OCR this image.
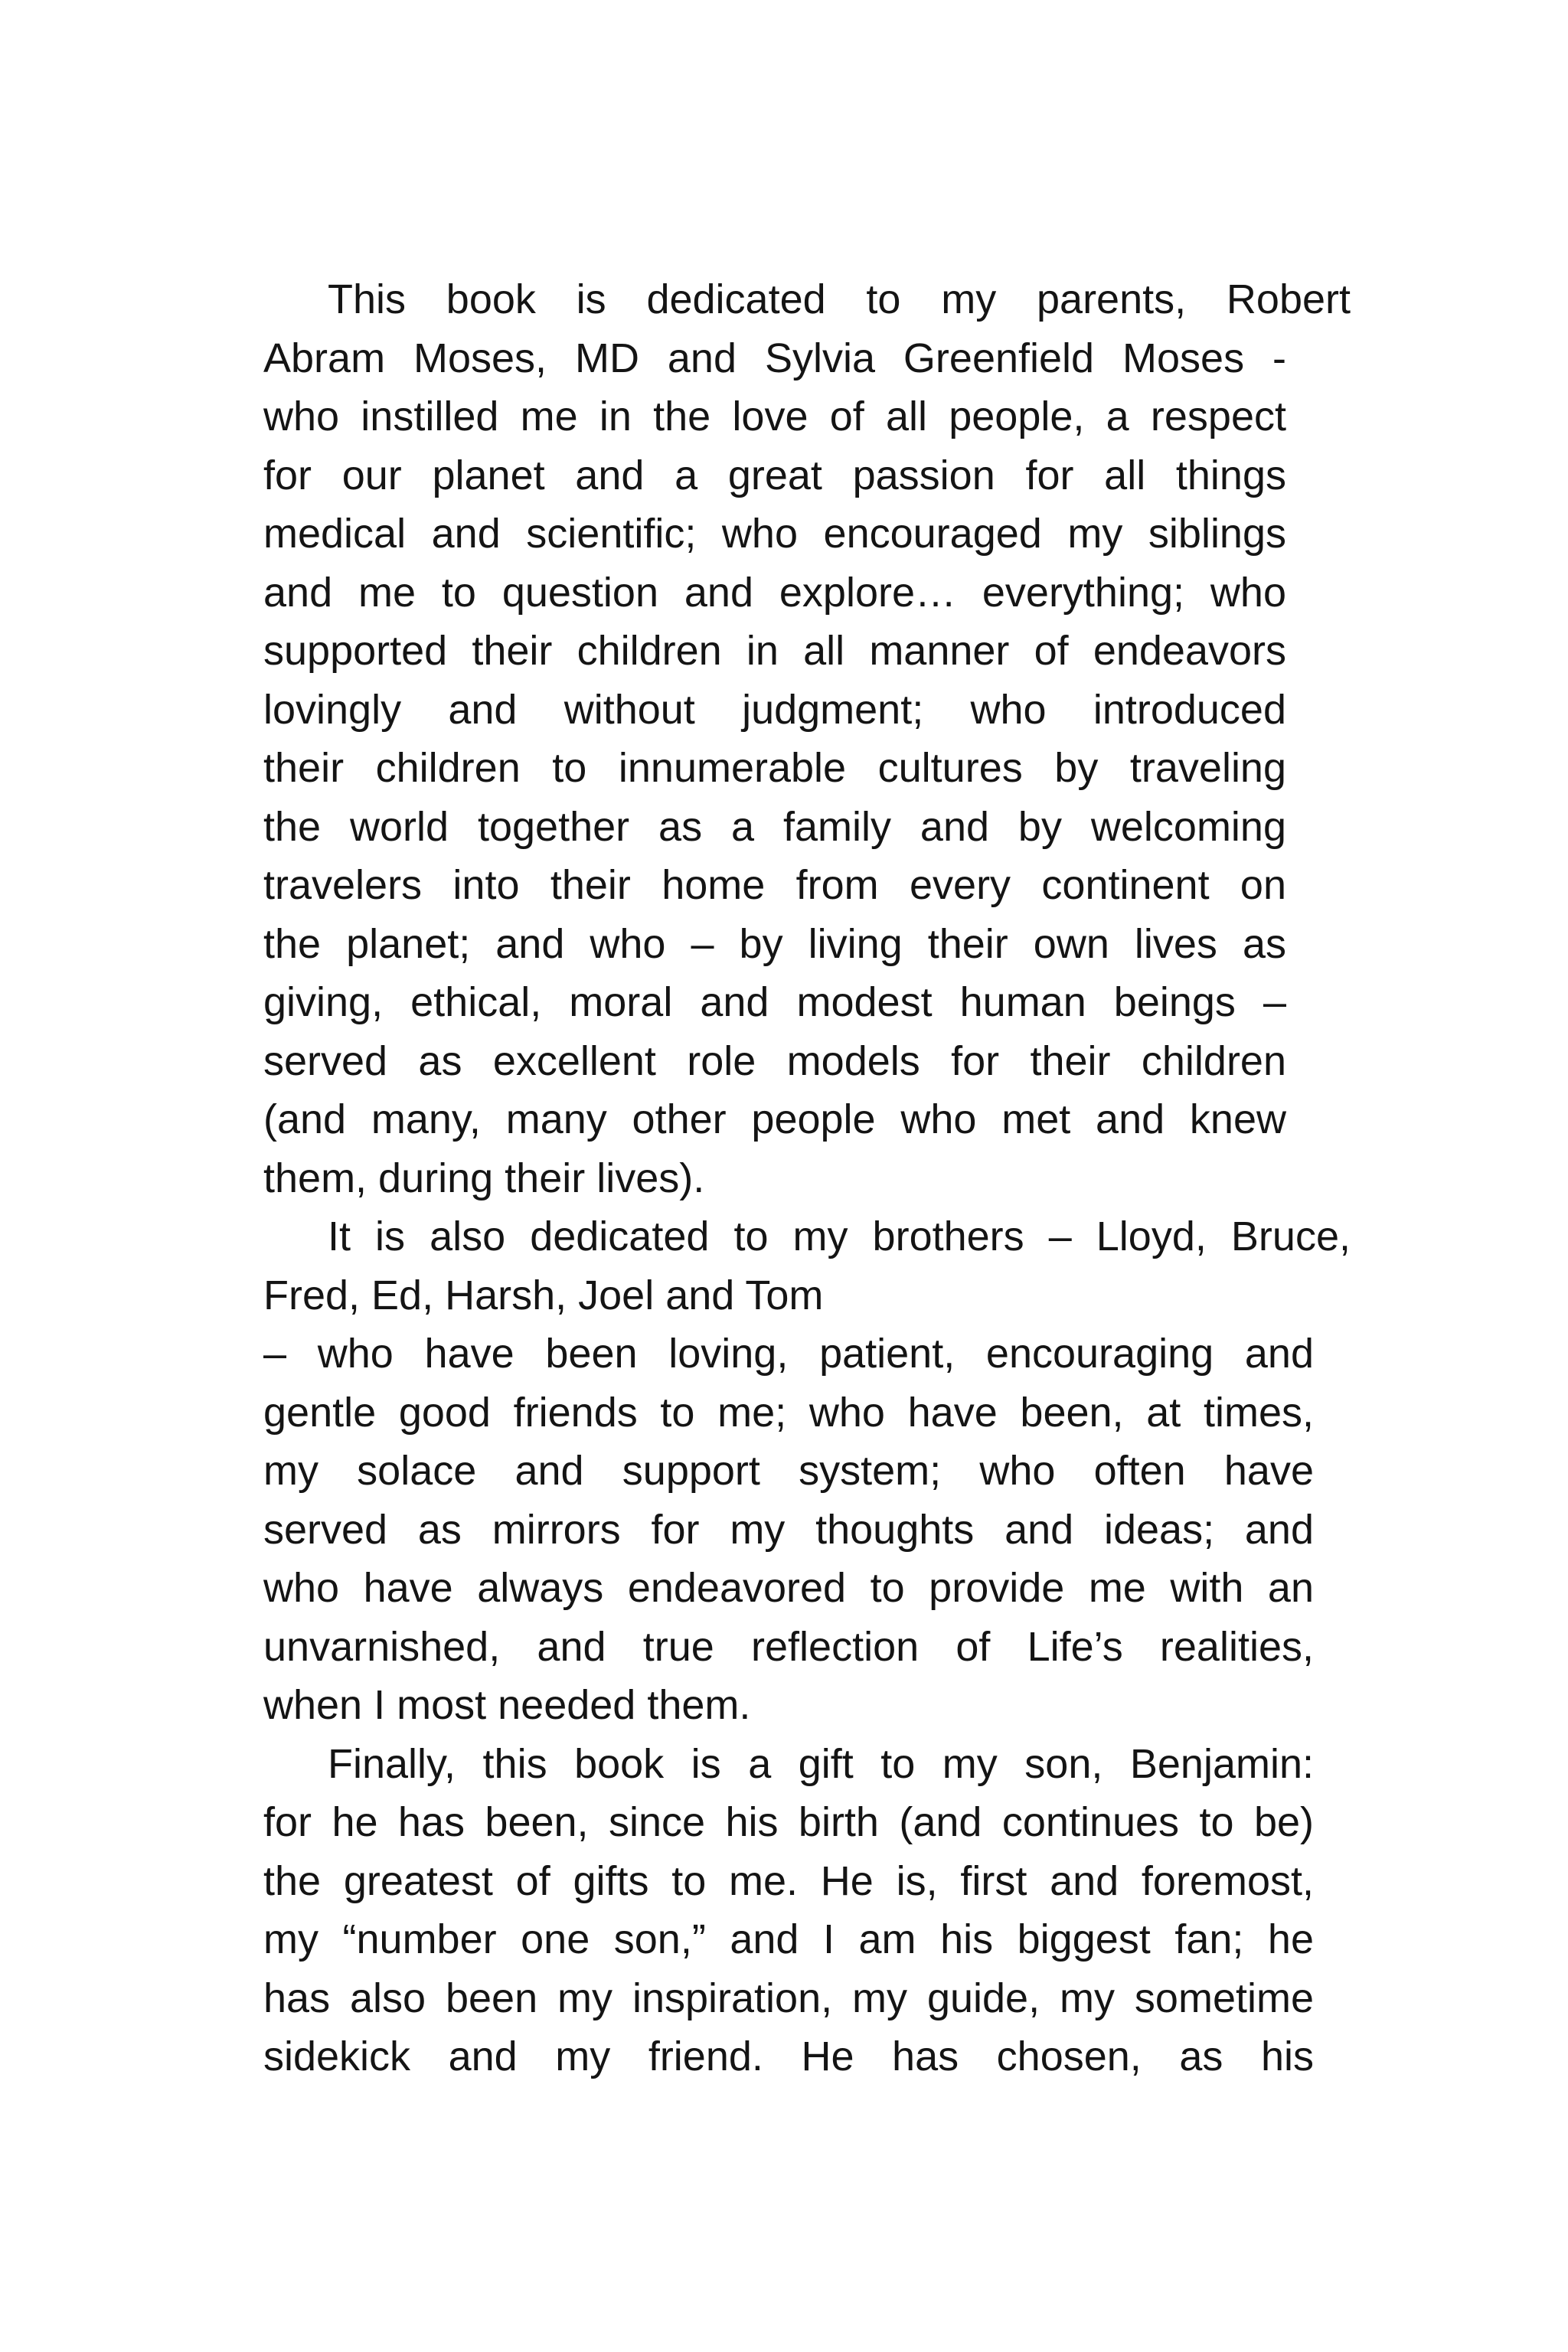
This book is dedicated to my parents, Robert
Abram Moses, MD and Sylvia Greenfield Moses -
who instilled me in the love of all people, a respect
for our planet and a great passion for all things
medical and scientific; who encouraged my siblings
and me to question and explore… everything; who
supported their children in all manner of endeavors
lovingly and without judgment; who introduced
their children to innumerable cultures by traveling
the world together as a family and by welcoming
travelers into their home from every continent on
the planet; and who – by living their own lives as
giving, ethical, moral and modest human beings –
served as excellent role models for their children
(and many, many other people who met and knew
them, during their lives).
It is also dedicated to my brothers – Lloyd, Bruce,
Fred, Ed, Harsh, Joel and Tom
– who have been loving, patient, encouraging and
gentle good friends to me; who have been, at times,
my solace and support system; who often have
served as mirrors for my thoughts and ideas; and
who have always endeavored to provide me with an
unvarnished, and true reflection of Life’s realities,
when I most needed them.
Finally, this book is a gift to my son, Benjamin:
for he has been, since his birth (and continues to be)
the greatest of gifts to me. He is, first and foremost,
my “number one son,” and I am his biggest fan; he
has also been my inspiration, my guide, my sometime
sidekick and my friend. He has chosen, as his
